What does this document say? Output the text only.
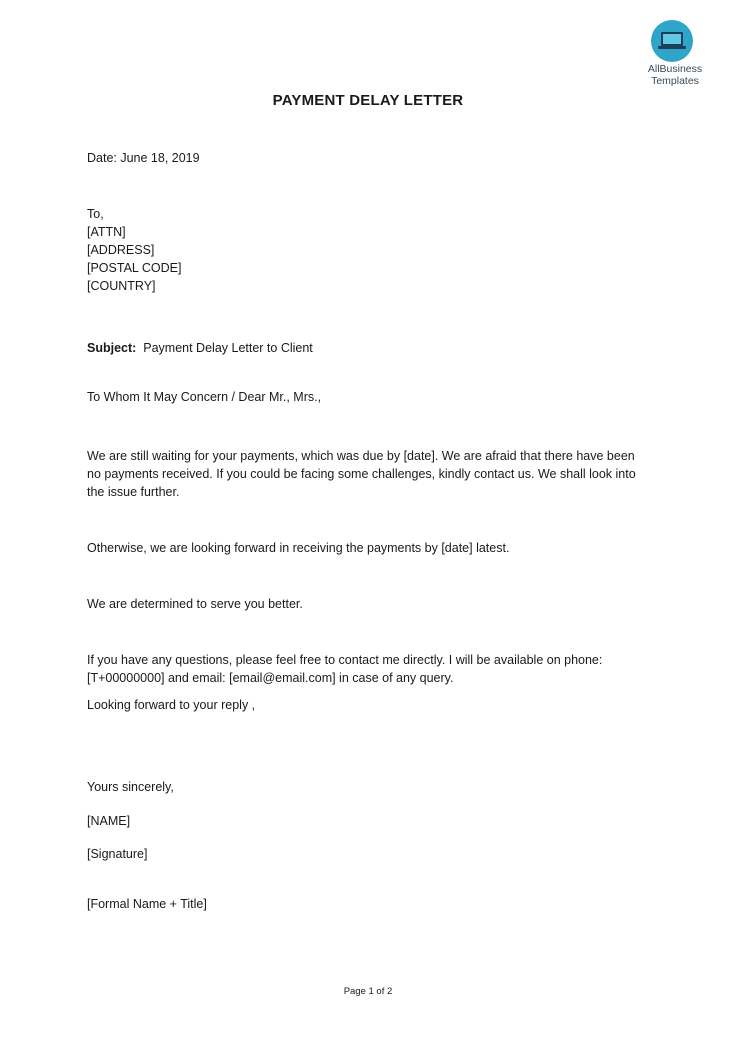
AllBusiness
Templates
PAYMENT DELAY LETTER
Date: June 18, 2019
To,
[ATTN]
[ADDRESS]
[POSTAL CODE]
[COUNTRY]
Subject:  Payment Delay Letter to Client
To Whom It May Concern / Dear Mr., Mrs.,
We are still waiting for your payments, which was due by [date]. We are afraid that there have been no payments received. If you could be facing some challenges, kindly contact us. We shall look into the issue further.
Otherwise, we are looking forward in receiving the payments by [date] latest.
We are determined to serve you better.
If you have any questions, please feel free to contact me directly. I will be available on phone: [T+00000000] and email: [email@email.com] in case of any query.
Looking forward to your reply ,
Yours sincerely,
[NAME]
[Signature]
[Formal Name + Title]
Page 1 of 2
